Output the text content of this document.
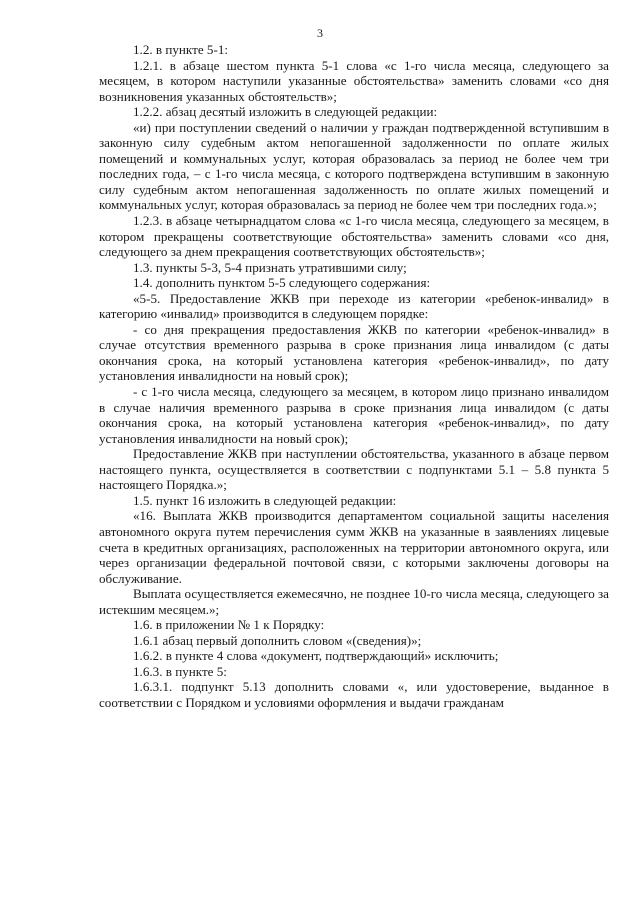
3

1.2. в пункте 5-1:

1.2.1. в абзаце шестом пункта 5-1 слова «с 1-го числа месяца, следующего за месяцем, в котором наступили указанные обстоятельства» заменить словами «со дня возникновения указанных обстоятельств»;

1.2.2. абзац десятый изложить в следующей редакции:

«и) при поступлении сведений о наличии у граждан подтвержденной вступившим в законную силу судебным актом непогашенной задолженности по оплате жилых помещений и коммунальных услуг, которая образовалась за период не более чем три последних года, – с 1-го числа месяца, с которого подтверждена вступившим в законную силу судебным актом непогашенная задолженность по оплате жилых помещений и коммунальных услуг, которая образовалась за период не более чем три последних года.»;

1.2.3. в абзаце четырнадцатом слова «с 1-го числа месяца, следующего за месяцем, в котором прекращены соответствующие обстоятельства» заменить словами «со дня, следующего за днем прекращения соответствующих обстоятельств»;

1.3. пункты 5-3, 5-4 признать утратившими силу;

1.4. дополнить пунктом 5-5 следующего содержания:

«5-5. Предоставление ЖКВ при переходе из категории «ребенок-инвалид» в категорию «инвалид» производится в следующем порядке:

- со дня прекращения предоставления ЖКВ по категории «ребенок-инвалид» в случае отсутствия временного разрыва в сроке признания лица инвалидом (с даты окончания срока, на который установлена категория «ребенок-инвалид», по дату установления инвалидности на новый срок);

- с 1-го числа месяца, следующего за месяцем, в котором лицо признано инвалидом в случае наличия временного разрыва в сроке признания лица инвалидом (с даты окончания срока, на который установлена категория «ребенок-инвалид», по дату установления инвалидности на новый срок);

Предоставление ЖКВ при наступлении обстоятельства, указанного в абзаце первом настоящего пункта, осуществляется в соответствии с подпунктами 5.1 – 5.8 пункта 5 настоящего Порядка.»;

1.5. пункт 16 изложить в следующей редакции:

«16. Выплата ЖКВ производится департаментом социальной защиты населения автономного округа путем перечисления сумм ЖКВ на указанные в заявлениях лицевые счета в кредитных организациях, расположенных на территории автономного округа, или через организации федеральной почтовой связи, с которыми заключены договоры на обслуживание.

Выплата осуществляется ежемесячно, не позднее 10-го числа месяца, следующего за истекшим месяцем.»;

1.6. в приложении № 1 к Порядку:

1.6.1 абзац первый дополнить словом «(сведения)»;

1.6.2. в пункте 4 слова «документ, подтверждающий» исключить;

1.6.3. в пункте 5:

1.6.3.1. подпункт 5.13 дополнить словами «, или удостоверение, выданное в соответствии с Порядком и условиями оформления и выдачи гражданам
